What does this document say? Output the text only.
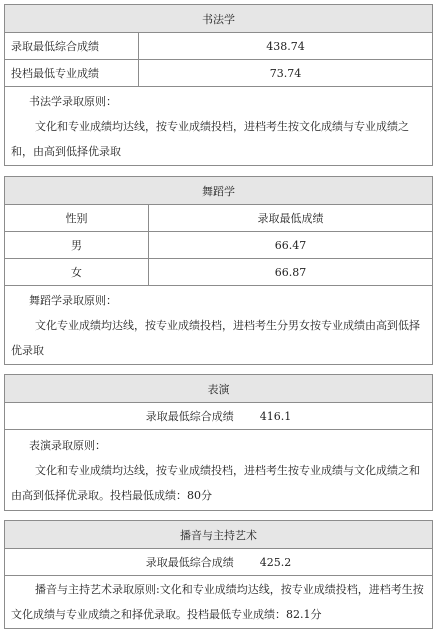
书法学	
录取最低综合成绩	438.74
投档最低专业成绩	73.74

书法学录取原则：
文化和专业成绩均达线，按专业成绩投档，进档考生按文化成绩与专业成绩之和，由高到低择优录取	
舞蹈学	
性别	录取最低成绩
男	66.47
女	66.87

舞蹈学录取原则：
文化专业成绩均达线，按专业成绩投档，进档考生分男女按专业成绩由高到低择优录取	
表演
录取最低综合成绩 416.1

表演录取原则：
文化和专业成绩均达线，按专业成绩投档，进档考生按专业成绩与文化成绩之和由高到低择优录取。投档最低成绩：80分
播音与主持艺术
录取最低综合成绩 425.2

播音与主持艺术录取原则:文化和专业成绩均达线，按专业成绩投档，进档考生按文化成绩与专业成绩之和择优录取。投档最低专业成绩：82.1分
